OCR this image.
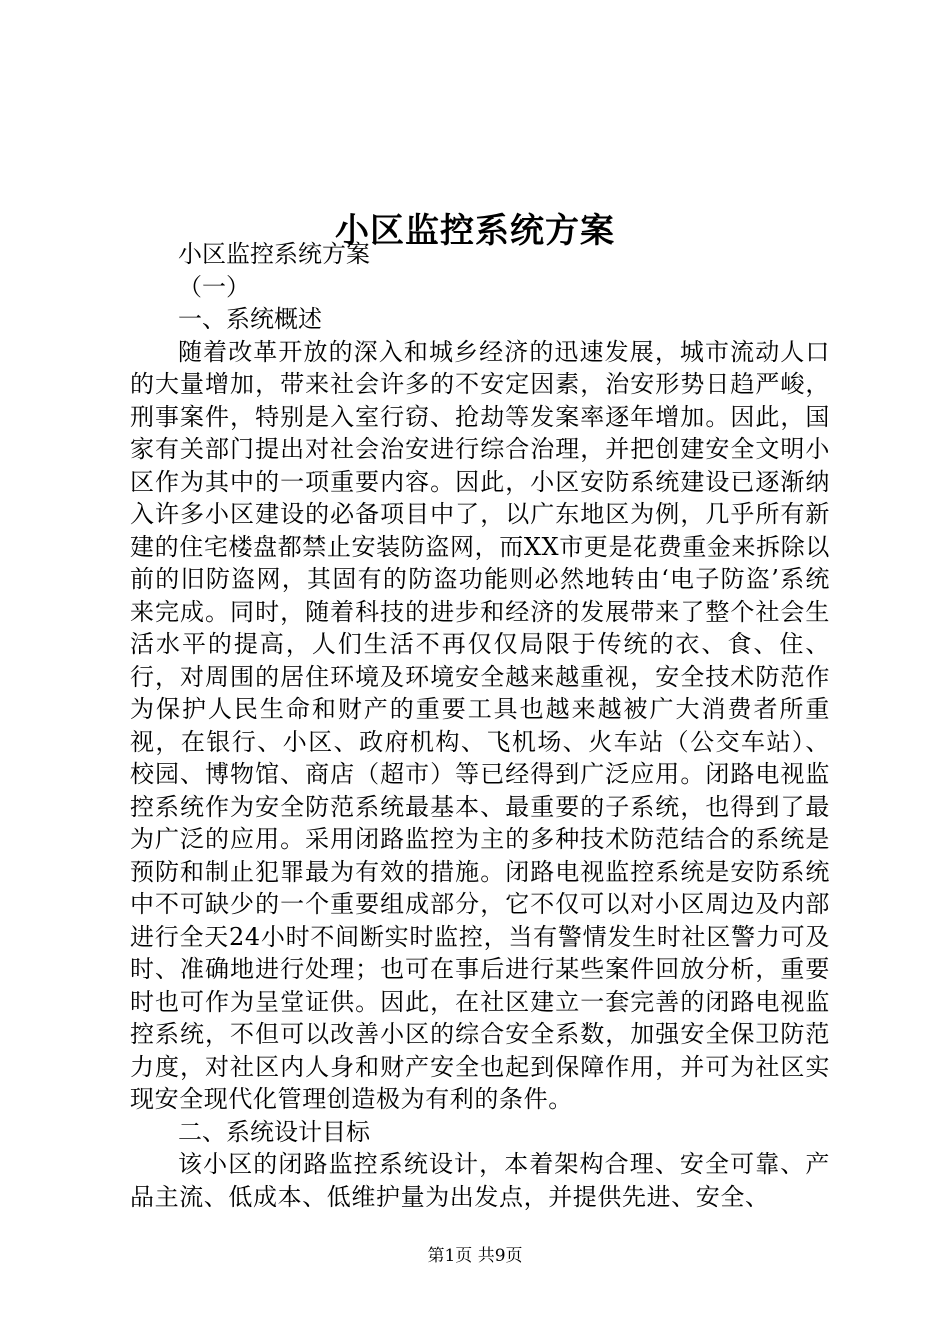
小区监控系统方案

小区监控系统方案

（一）

一、系统概述

随着改革开放的深入和城乡经济的迅速发展，城市流动人口的大量增加，带来社会许多的不安定因素，治安形势日趋严峻，刑事案件，特别是入室行窃、抢劫等发案率逐年增加。因此，国家有关部门提出对社会治安进行综合治理，并把创建安全文明小区作为其中的一项重要内容。因此，小区安防系统建设已逐渐纳入许多小区建设的必备项目中了，以广东地区为例，几乎所有新建的住宅楼盘都禁止安装防盗网，而XX市更是花费重金来拆除以前的旧防盗网，其固有的防盗功能则必然地转由‘电子防盗’系统来完成。同时，随着科技的进步和经济的发展带来了整个社会生活水平的提高，人们生活不再仅仅局限于传统的衣、食、住、行，对周围的居住环境及环境安全越来越重视，安全技术防范作为保护人民生命和财产的重要工具也越来越被广大消费者所重视，在银行、小区、政府机构、飞机场、火车站（公交车站）、校园、博物馆、商店（超市）等已经得到广泛应用。闭路电视监控系统作为安全防范系统最基本、最重要的子系统，也得到了最为广泛的应用。采用闭路监控为主的多种技术防范结合的系统是预防和制止犯罪最为有效的措施。闭路电视监控系统是安防系统中不可缺少的一个重要组成部分，它不仅可以对小区周边及内部进行全天24小时不间断实时监控，当有警情发生时社区警力可及时、准确地进行处理；也可在事后进行某些案件回放分析，重要时也可作为呈堂证供。因此，在社区建立一套完善的闭路电视监控系统，不但可以改善小区的综合安全系数，加强安全保卫防范力度，对社区内人身和财产安全也起到保障作用，并可为社区实现安全现代化管理创造极为有利的条件。

二、系统设计目标

该小区的闭路监控系统设计，本着架构合理、安全可靠、产品主流、低成本、低维护量为出发点，并提供先进、安全、

第1页 共9页
